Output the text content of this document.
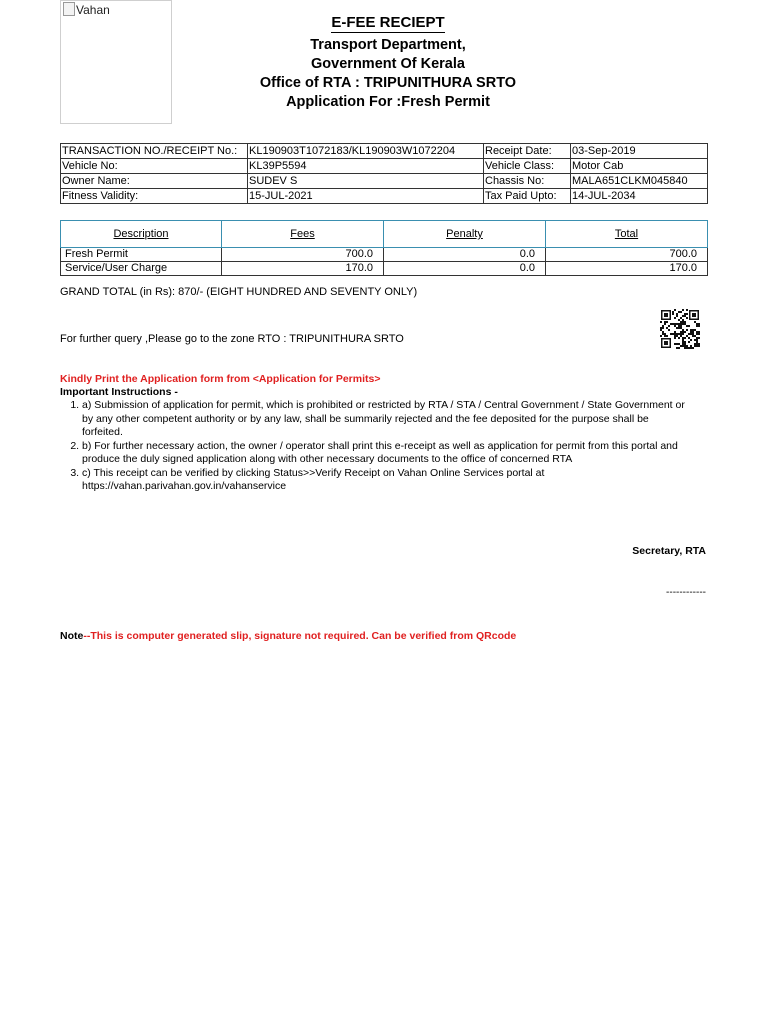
Vahan
E-FEE RECIEPT
Transport Department,
Government Of Kerala
Office of RTA : TRIPUNITHURA SRTO
Application For :Fresh Permit
TRANSACTION NO./RECEIPT No.:	KL190903T1072183/KL190903W1072204	Receipt Date:	03-Sep-2019
Vehicle No:	KL39P5594	Vehicle Class:	Motor Cab
Owner Name:	SUDEV S	Chassis No:	MALA651CLKM045840
Fitness Validity:	15-JUL-2021	Tax Paid Upto:	14-JUL-2034
Description	Fees	Penalty	Total
Fresh Permit	700.0	0.0	700.0
Service/User Charge	170.0	0.0	170.0
GRAND TOTAL (in Rs): 870/- (EIGHT HUNDRED AND SEVENTY ONLY)
For further query ,Please go to the zone RTO : TRIPUNITHURA SRTO
Kindly Print the Application form from <Application for Permits>
Important Instructions -
1. a) Submission of application for permit, which is prohibited or restricted by RTA / STA / Central Government / State Government or by any other competent authority or by any law, shall be summarily rejected and the fee deposited for the purpose shall be forfeited.
2. b) For further necessary action, the owner / operator shall print this e-receipt as well as application for permit from this portal and produce the duly signed application along with other necessary documents to the office of concerned RTA
3. c) This receipt can be verified by clicking Status>>Verify Receipt on Vahan Online Services portal at https://vahan.parivahan.gov.in/vahanservice
Secretary, RTA
------------
Note--This is computer generated slip, signature not required. Can be verified from QRcode
